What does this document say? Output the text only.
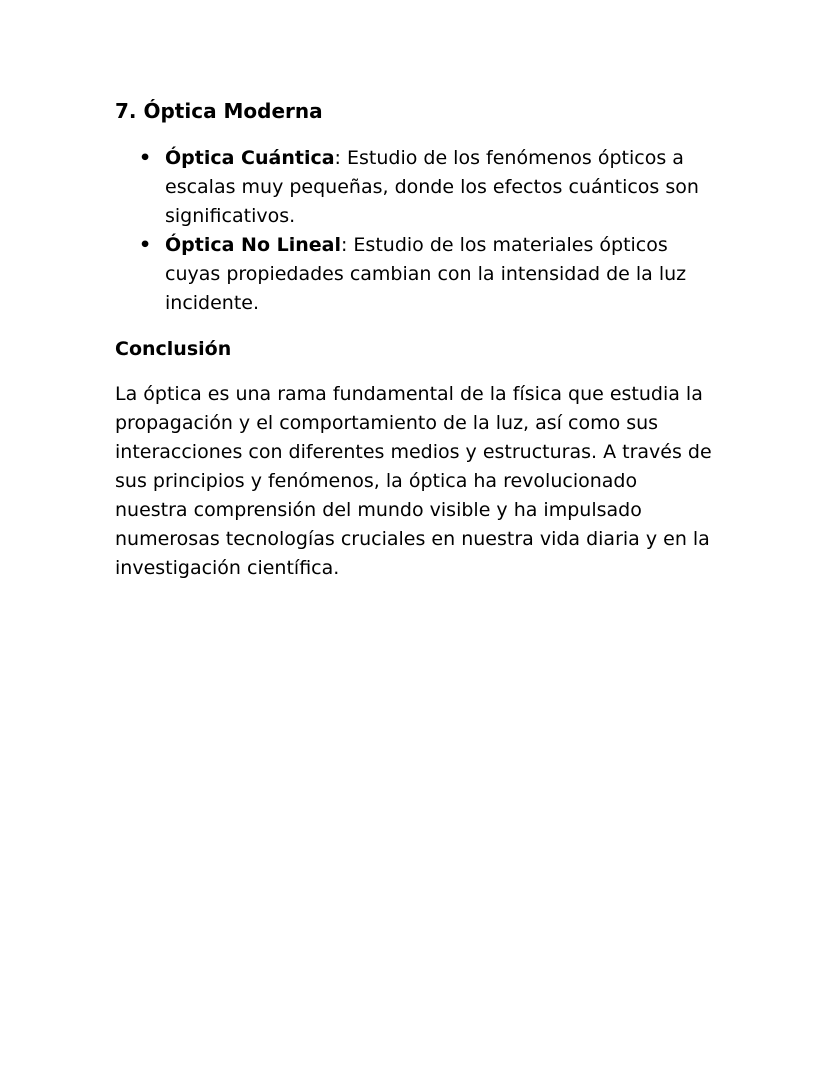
7. Óptica Moderna
• Óptica Cuántica: Estudio de los fenómenos ópticos a escalas muy pequeñas, donde los efectos cuánticos son significativos.
• Óptica No Lineal: Estudio de los materiales ópticos cuyas propiedades cambian con la intensidad de la luz incidente.
Conclusión

La óptica es una rama fundamental de la física que estudia la propagación y el comportamiento de la luz, así como sus interacciones con diferentes medios y estructuras. A través de sus principios y fenómenos, la óptica ha revolucionado nuestra comprensión del mundo visible y ha impulsado numerosas tecnologías cruciales en nuestra vida diaria y en la investigación científica.
